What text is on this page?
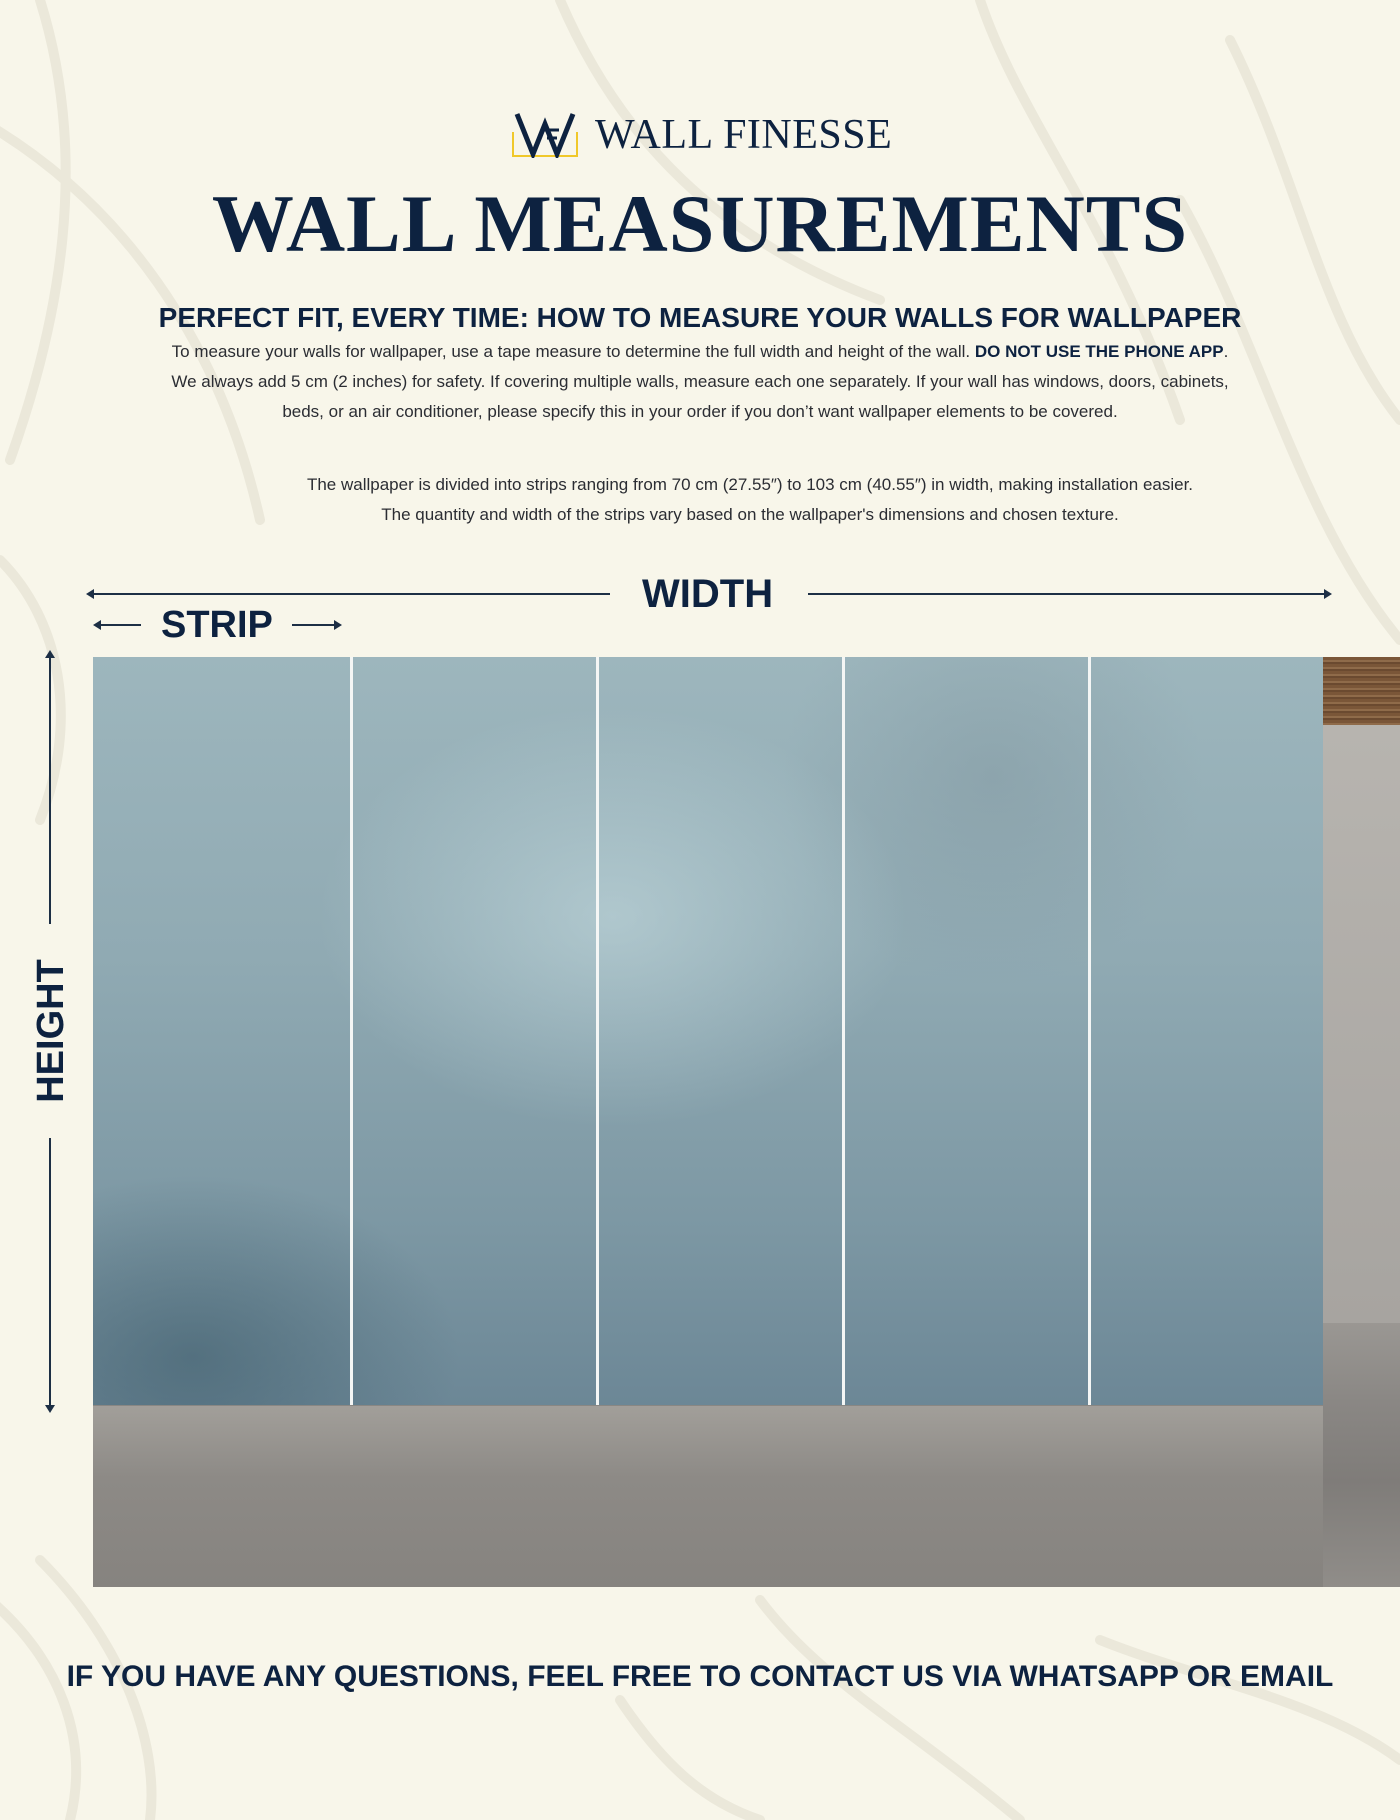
WALL FINESSE
WALL MEASUREMENTS
PERFECT FIT, EVERY TIME: HOW TO MEASURE YOUR WALLS FOR WALLPAPER
To measure your walls for wallpaper, use a tape measure to determine the full width and height of the wall. DO NOT USE THE PHONE APP.
We always add 5 cm (2 inches) for safety. If covering multiple walls, measure each one separately. If your wall has windows, doors, cabinets,
beds, or an air conditioner, please specify this in your order if you don’t want wallpaper elements to be covered.
The wallpaper is divided into strips ranging from 70 cm (27.55″) to 103 cm (40.55″) in width, making installation easier.
The quantity and width of the strips vary based on the wallpaper's dimensions and chosen texture.
WIDTH
STRIP
HEIGHT
IF YOU HAVE ANY QUESTIONS, FEEL FREE TO CONTACT US VIA WHATSAPP OR EMAIL
